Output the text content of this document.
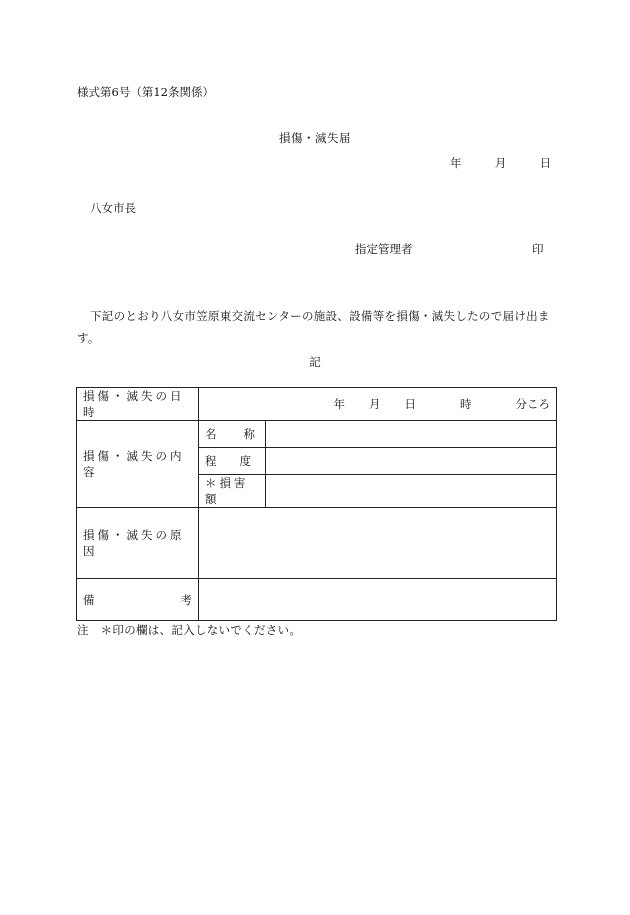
様式第6号（第12条関係）
損傷・滅失届
年	月	日
八女市長
指定管理者	印
下記のとおり八女市笠原東交流センターの施設、設備等を損傷・滅失したので届け出ます。
記
損傷・滅失の日時	年 月 日 時 分ころ	

損傷・滅失の内容	名 称	

	程 度	

	＊損害額	
損傷・滅失の原因		

備 考		

注　＊印の欄は、記入しないでください。
